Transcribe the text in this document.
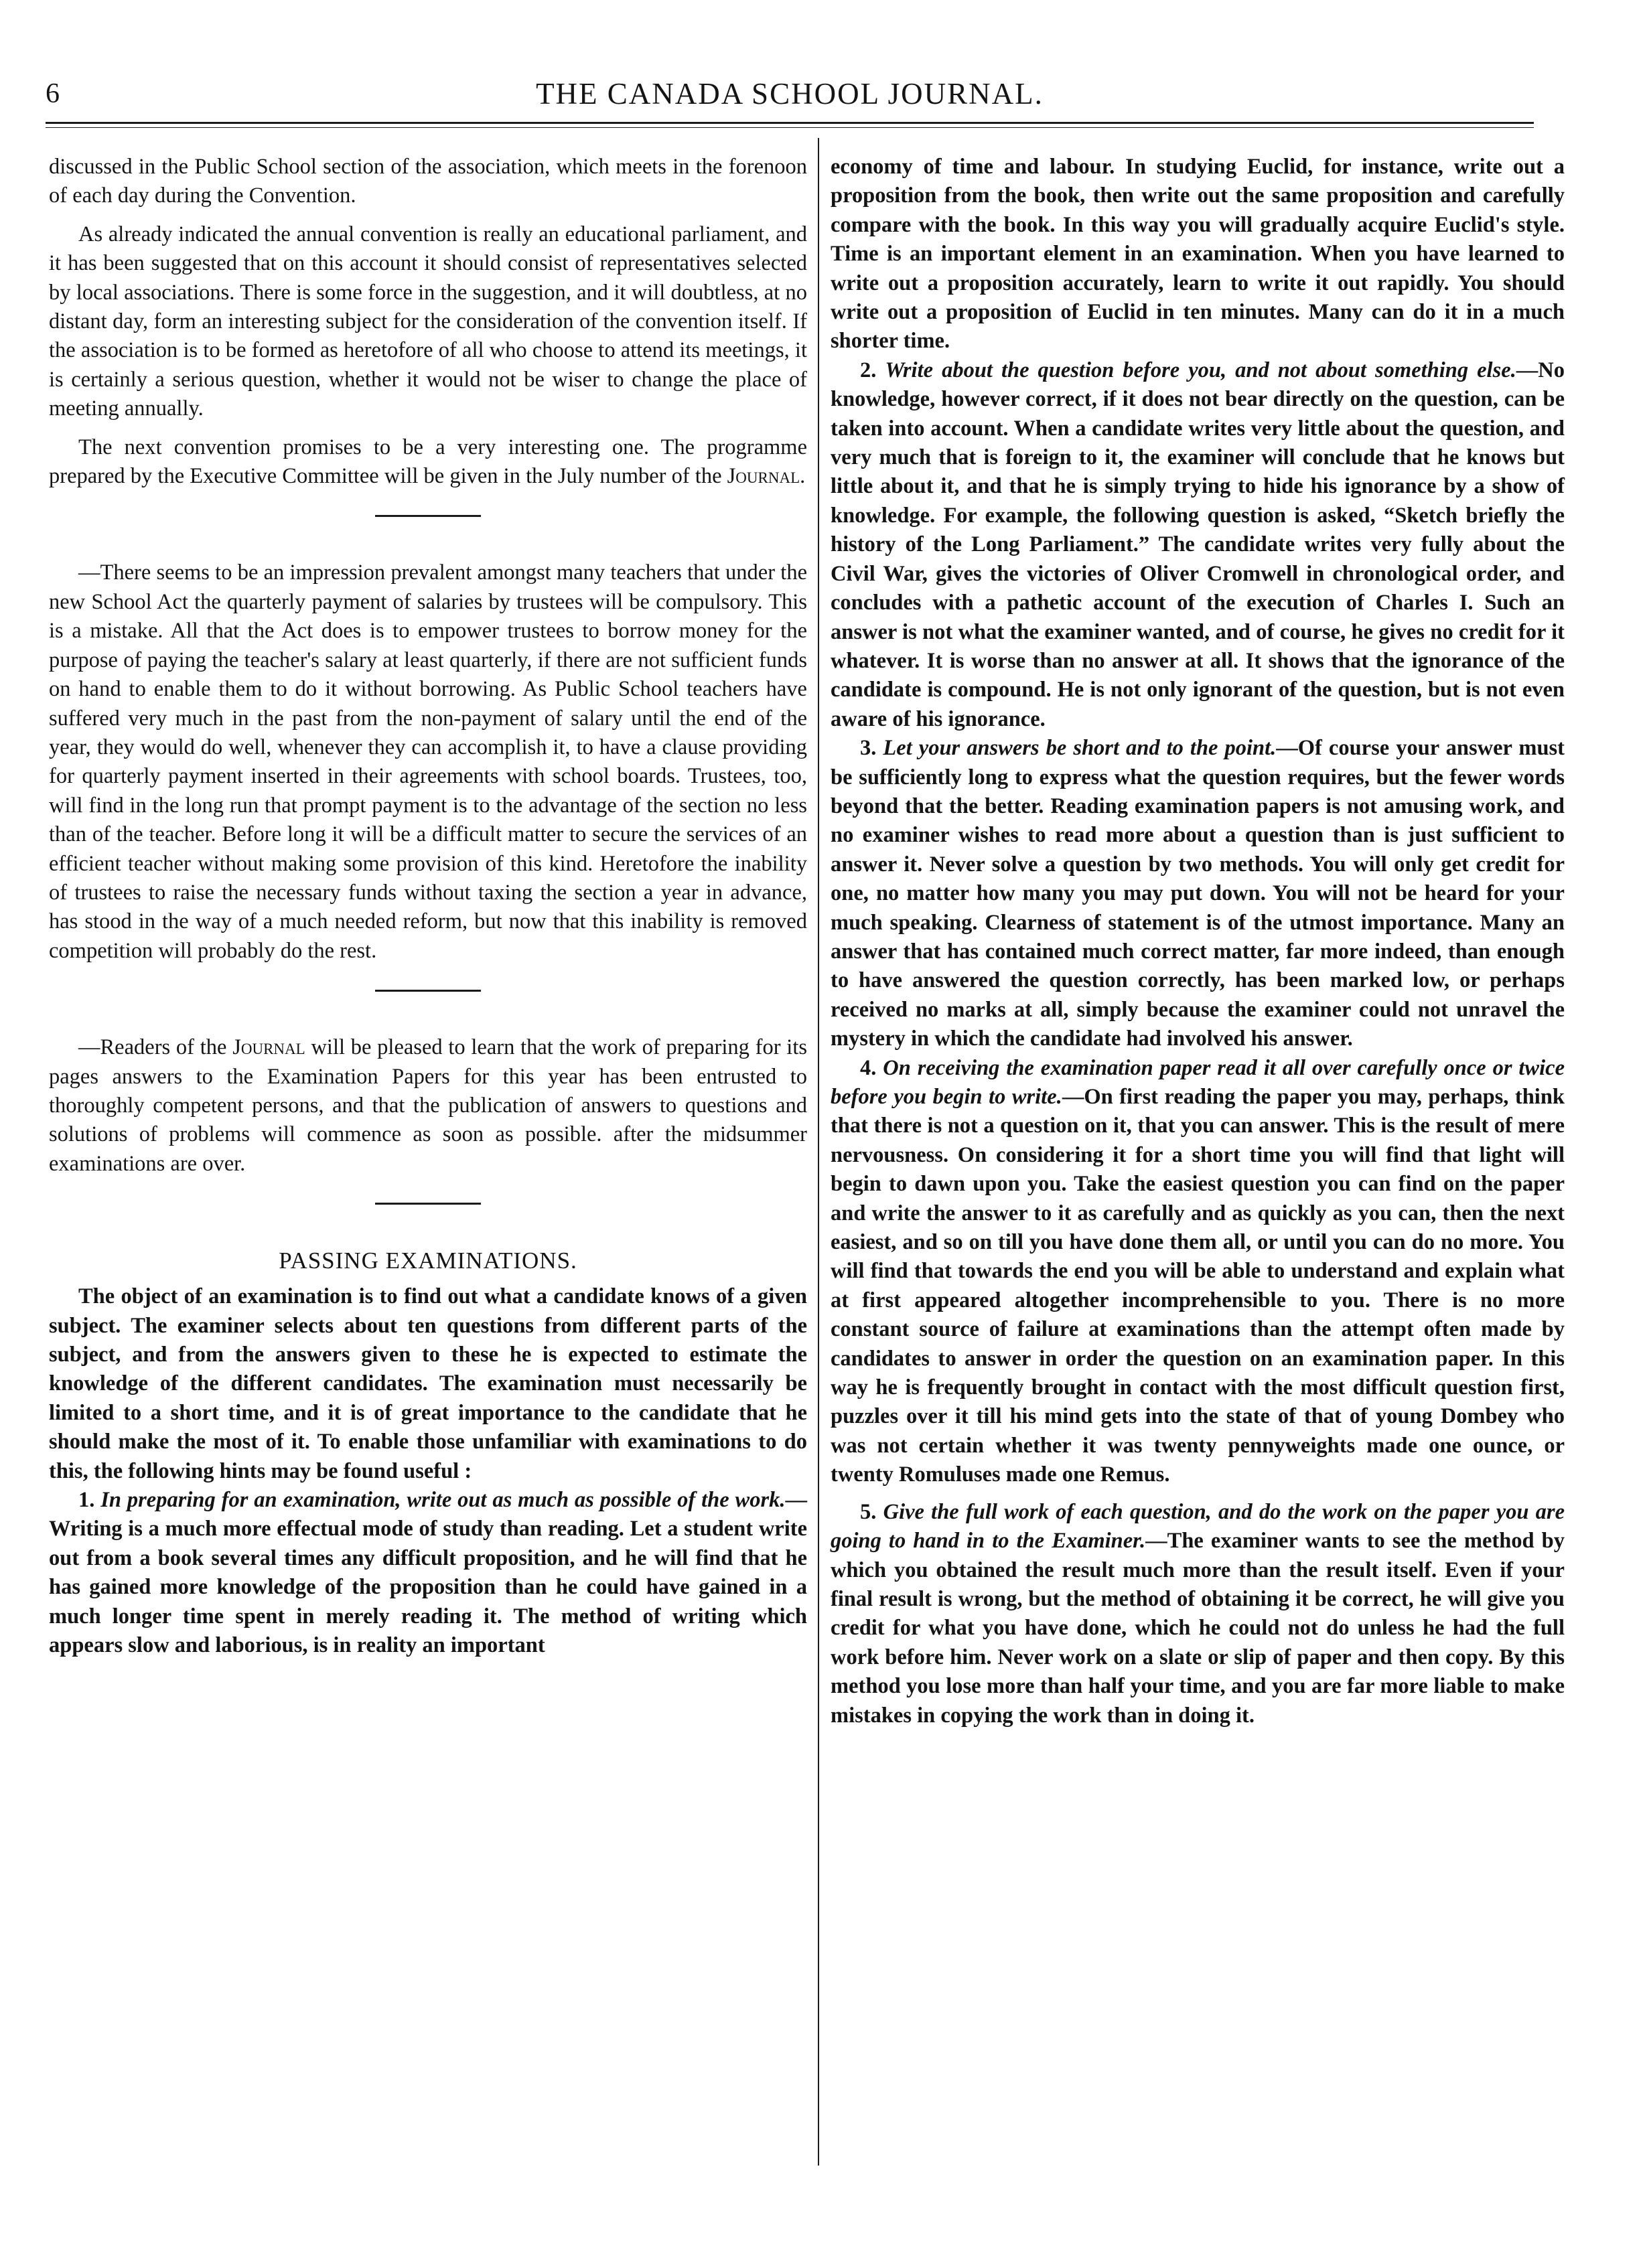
6	THE CANADA SCHOOL JOURNAL.

discussed in the Public School section of the association, which meets in the forenoon of each day during the Convention.

As already indicated the annual convention is really an educational parliament, and it has been suggested that on this account it should consist of representatives selected by local associations. There is some force in the suggestion, and it will doubtless, at no distant day, form an interesting subject for the consideration of the convention itself. If the association is to be formed as heretofore of all who choose to attend its meetings, it is certainly a serious question, whether it would not be wiser to change the place of meeting annually.

The next convention promises to be a very interesting one. The programme prepared by the Executive Committee will be given in the July number of the Journal.

—There seems to be an impression prevalent amongst many teachers that under the new School Act the quarterly payment of salaries by trustees will be compulsory. This is a mistake. All that the Act does is to empower trustees to borrow money for the purpose of paying the teacher's salary at least quarterly, if there are not sufficient funds on hand to enable them to do it without borrowing. As Public School teachers have suffered very much in the past from the non-payment of salary until the end of the year, they would do well, whenever they can accomplish it, to have a clause providing for quarterly payment inserted in their agreements with school boards. Trustees, too, will find in the long run that prompt payment is to the advantage of the section no less than of the teacher. Before long it will be a difficult matter to secure the services of an efficient teacher without making some provision of this kind. Heretofore the inability of trustees to raise the necessary funds without taxing the section a year in advance, has stood in the way of a much needed reform, but now that this inability is removed competition will probably do the rest.

—Readers of the Journal will be pleased to learn that the work of preparing for its pages answers to the Examination Papers for this year has been entrusted to thoroughly competent persons, and that the publication of answers to questions and solutions of problems will commence as soon as possible. after the midsummer examinations are over.

PASSING EXAMINATIONS.

The object of an examination is to find out what a candidate knows of a given subject. The examiner selects about ten questions from different parts of the subject, and from the answers given to these he is expected to estimate the knowledge of the different candidates. The examination must necessarily be limited to a short time, and it is of great importance to the candidate that he should make the most of it. To enable those unfamiliar with examinations to do this, the following hints may be found useful :

1. In preparing for an examination, write out as much as possible of the work.— Writing is a much more effectual mode of study than reading. Let a student write out from a book several times any difficult proposition, and he will find that he has gained more knowledge of the proposition than he could have gained in a much longer time spent in merely reading it. The method of writing which appears slow and laborious, is in reality an important

economy of time and labour. In studying Euclid, for instance, write out a proposition from the book, then write out the same proposition and carefully compare with the book. In this way you will gradually acquire Euclid's style. Time is an important element in an examination. When you have learned to write out a proposition accurately, learn to write it out rapidly. You should write out a proposition of Euclid in ten minutes. Many can do it in a much shorter time.

2. Write about the question before you, and not about something else.—No knowledge, however correct, if it does not bear directly on the question, can be taken into account. When a candidate writes very little about the question, and very much that is foreign to it, the examiner will conclude that he knows but little about it, and that he is simply trying to hide his ignorance by a show of knowledge. For example, the following question is asked, “Sketch briefly the history of the Long Parliament.” The candidate writes very fully about the Civil War, gives the victories of Oliver Cromwell in chronological order, and concludes with a pathetic account of the execution of Charles I. Such an answer is not what the examiner wanted, and of course, he gives no credit for it whatever. It is worse than no answer at all. It shows that the ignorance of the candidate is compound. He is not only ignorant of the question, but is not even aware of his ignorance.

3. Let your answers be short and to the point.—Of course your answer must be sufficiently long to express what the question requires, but the fewer words beyond that the better. Reading examination papers is not amusing work, and no examiner wishes to read more about a question than is just sufficient to answer it. Never solve a question by two methods. You will only get credit for one, no matter how many you may put down. You will not be heard for your much speaking. Clearness of statement is of the utmost importance. Many an answer that has contained much correct matter, far more indeed, than enough to have answered the question correctly, has been marked low, or perhaps received no marks at all, simply because the examiner could not unravel the mystery in which the candidate had involved his answer.

4. On receiving the examination paper read it all over carefully once or twice before you begin to write.—On first reading the paper you may, perhaps, think that there is not a question on it, that you can answer. This is the result of mere nervousness. On considering it for a short time you will find that light will begin to dawn upon you. Take the easiest question you can find on the paper and write the answer to it as carefully and as quickly as you can, then the next easiest, and so on till you have done them all, or until you can do no more. You will find that towards the end you will be able to understand and explain what at first appeared altogether incomprehensible to you. There is no more constant source of failure at examinations than the attempt often made by candidates to answer in order the question on an examination paper. In this way he is frequently brought in contact with the most difficult question first, puzzles over it till his mind gets into the state of that of young Dombey who was not certain whether it was twenty pennyweights made one ounce, or twenty Romuluses made one Remus.

5. Give the full work of each question, and do the work on the paper you are going to hand in to the Examiner.—The examiner wants to see the method by which you obtained the result much more than the result itself. Even if your final result is wrong, but the method of obtaining it be correct, he will give you credit for what you have done, which he could not do unless he had the full work before him. Never work on a slate or slip of paper and then copy. By this method you lose more than half your time, and you are far more liable to make mistakes in copying the work than in doing it.
